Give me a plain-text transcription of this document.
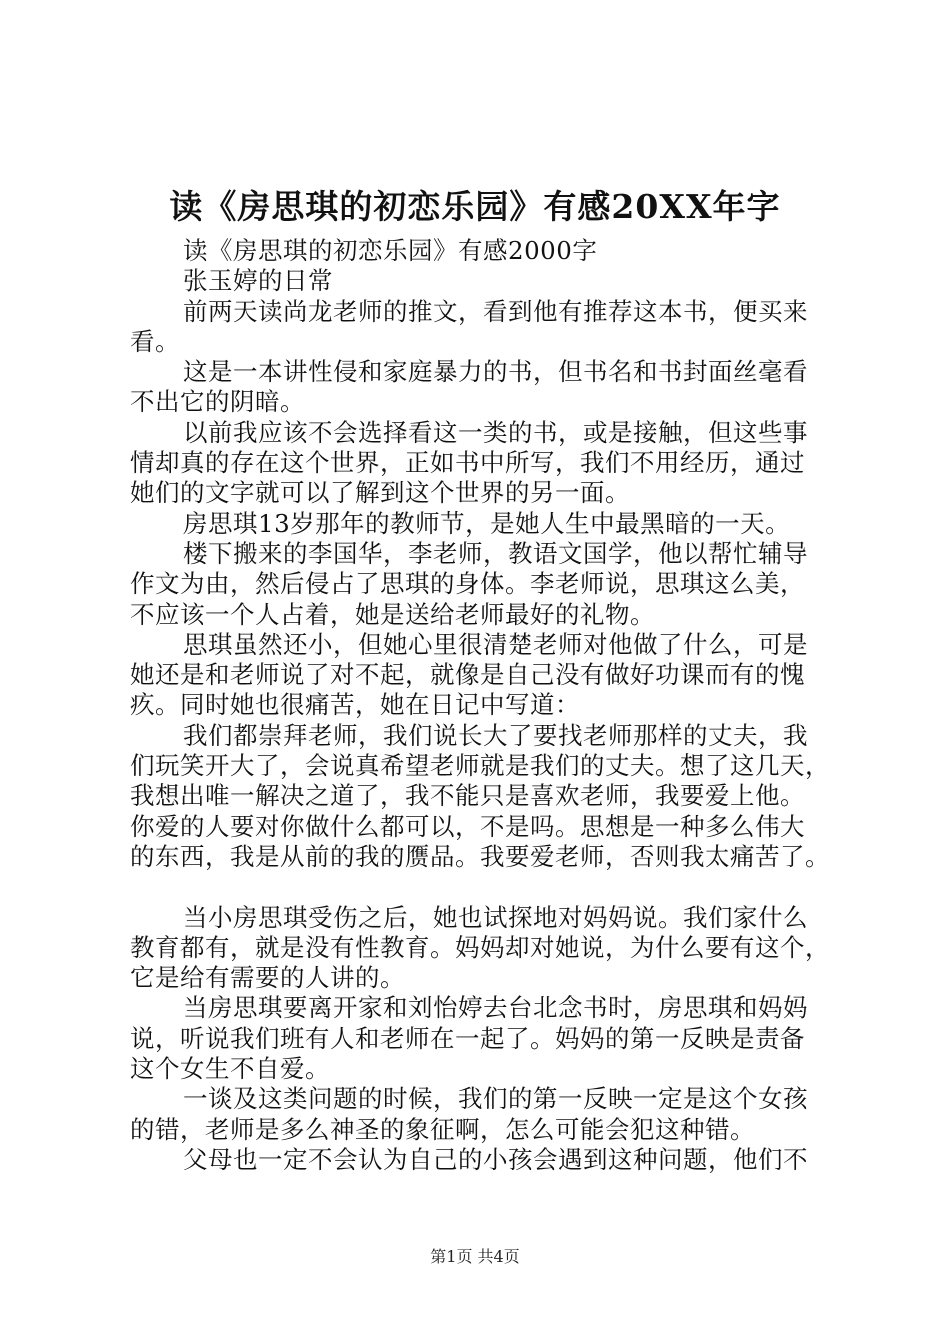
读《房思琪的初恋乐园》有感20XX年字
读《房思琪的初恋乐园》有感2000字
张玉婷的日常
前两天读尚龙老师的推文，看到他有推荐这本书，便买来
看。
这是一本讲性侵和家庭暴力的书，但书名和书封面丝毫看
不出它的阴暗。
以前我应该不会选择看这一类的书，或是接触，但这些事
情却真的存在这个世界，正如书中所写，我们不用经历，通过
她们的文字就可以了解到这个世界的另一面。
房思琪13岁那年的教师节，是她人生中最黑暗的一天。
楼下搬来的李国华，李老师，教语文国学，他以帮忙辅导
作文为由，然后侵占了思琪的身体。李老师说，思琪这么美，
不应该一个人占着，她是送给老师最好的礼物。
思琪虽然还小，但她心里很清楚老师对他做了什么，可是
她还是和老师说了对不起，就像是自己没有做好功课而有的愧
疚。同时她也很痛苦，她在日记中写道：
我们都崇拜老师，我们说长大了要找老师那样的丈夫，我
们玩笑开大了，会说真希望老师就是我们的丈夫。想了这几天，
我想出唯一解决之道了，我不能只是喜欢老师，我要爱上他。
你爱的人要对你做什么都可以，不是吗。思想是一种多么伟大
的东西，我是从前的我的赝品。我要爱老师，否则我太痛苦了。
当小房思琪受伤之后，她也试探地对妈妈说。我们家什么
教育都有，就是没有性教育。妈妈却对她说，为什么要有这个，
它是给有需要的人讲的。
当房思琪要离开家和刘怡婷去台北念书时，房思琪和妈妈
说，听说我们班有人和老师在一起了。妈妈的第一反映是责备
这个女生不自爱。
一谈及这类问题的时候，我们的第一反映一定是这个女孩
的错，老师是多么神圣的象征啊，怎么可能会犯这种错。
父母也一定不会认为自己的小孩会遇到这种问题，他们不
第1页 共4页
